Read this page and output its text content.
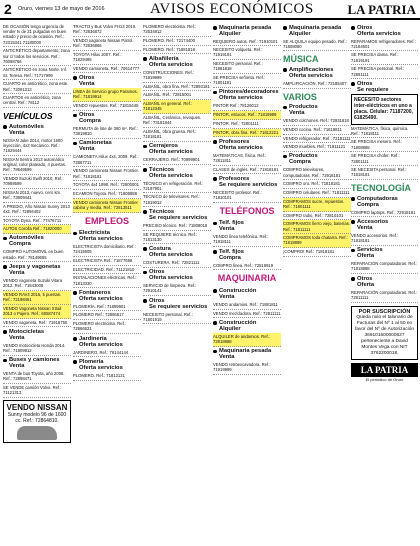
2 Oruro, viernes 13 de mayo de 2016	AVISOS ECONÓMICOS	LA PATRIA
DE OCASIÓN tengo urgencia de vender tv de 21 pulgadas en buen estado y precio de ocasión. Ref.: 72315341 71180000
ANTICRÉTICO departamento, zona sur c/ todos los servicios. Ref.: 76098766
ANTICRÉTICO en zona Norte. Inf. Sr. Teresa. Ref.: 71717999
CUARTO en anticrético, zona este. Ref.: 72091313
CUARTOS en anticrético, zona central. Ref.: 78112
VEHÍCULOS
Automóviles
Venta
NISSAN Juke 2014, motor 1600 inyección, 4x2 mecánico. Ref.: 71829444
NISSAN Sentra 2013 automático original, color plateado, 4 puertas. Ref.: 78649599
VENDO Suzuki Swift 2010, Ref.: 70989599
NISSAN 2013, nuevo, cero km. Ref.: 73909441
A PREDIO, Año Nissan Sunny 2013 4x2. Ref.: 72894402
TOYOTA Dyna. Ref.: 77476711
AUTOS Corolla Ref.: 71820000
Automóviles
Compra
COMPRO AUTOMÓVIL en buen estado. Ref.: 78149655
Jeeps y vagonetas
Venta
VENDO vagoneta Suzuki Vitara 2012. Ref.: 71843008
VENDO RAV4 2015, 5 puertas. Ref.: 72198461
VENDO Vagoneta Nissan Xtrail 2013 o Pajero. Ref.: 60587474
VENDO vagoneta. Ref.: 71918750
Motocicletas
Venta
VENDO motocicleta Honda 2014. Ref.: 71909912
Buses y camiones
Venta
VENTA de bus Toyota, año 2008. Ref.: 72898471
SE VENDE camión Volvo. Ref.: 71121313
VENDO NISSAN
Sunny modelo 96 de 1600 cc. Ref.: 72864810.
TRACTO y Bus Volvo FH13 2010. Ref.: 72836872
VENDO vagoneta Nissan Patrol. Ref.: 72836866
TOYOTA Hilux 2007. Ref.: 71829485
VENDO camioneta. Ref.: 70614777
Otros
Venta
LINEA de Servicio grupo Paramos. Ref.: 71819914
VENDO repuestos. Ref.: 71815445
Otros
Compra
PERMUTA de lote de 360 m². Ref.: 73819810
Camionetas
Venta
CAMIONETA Hilux 4x4, 2009. Ref.: 72867711
VENDO camioneta Nissan Frontier. Ref.: 71818181
TOYOTA 4x4 1998. Ref.: 72800001
ECAMION Toyota. Ref.: 71808888
VENDO camioneta Nissan Frontier cabina y media. Ref.: 72813511
EMPLEOS
Electricista
Oferta servicios
ELECTRICISTA domiciliario. Ref.: 72415605
ELECTRICISTA Ref.: 71877698
ELECTRICIDAD. Ref.: 71121810
INSTALACIONES eléctricas. Ref.: 71813330
Fontaneros
Oferta servicios
PLOMERÍA. Ref.: 71889901
PLOMERO Ref.: 72866617
PLOMERO electricista. Ref.: 72866621
Jardinería
Oferta servicios
JARDINERO. Ref.: 76144144
Plomería
Oferta servicios
PLOMERO. Ref.: 71812121
PLOMERO electricista. Ref.: 72534812
PLOMERO. Ref.: 72174400
PLOMERO. Ref.: 71881818
Albañilería
Oferta servicios
CONSTRUCCIONES. Ref.: 71819999
ALBAÑIL, obra fina. Ref.: 72893181
ALBAÑIL. Ref.: 72815001
ALBAÑIL en general. Ref.: 71812345
ALBAÑIL, Cerámica, revoques. Ref.: 73181844
ALBAÑIL, obra gruesa. Ref.: 71818181
Cerrajeros
Oferta servicios
CERRAJERO. Ref.: 70999901
Técnicos
Oferta servicios
TÉCNICO en refrigeración. Ref.: 72197901
TÉCNICO de televisores. Ref.: 71819012
Técnicos
Se requiere servicios
PRECISO técnico. Ref.: 71808018
SE REQUIERE técnico. Ref.: 71813130
Costura
Oferta servicios
COSTURERA. Ref.: 72821111
Otros
Oferta servicios
SERVICIO de limpieza. Ref.: 72910141
Otros
Se requiere servicios
NECESITO personal. Ref.: 71801919
Maquinaria pesada
Alquiler
REQUIERO autos. Ref.: 71910101
NECESITO volqueta. Ref.: 71919191
NECESITO personal. Ref.: 71881818
SE PRECISA señorita. Ref.: 71801191
Pintores/decoradores
Oferta servicios
PINTOR Ref.: 78126012
PINTOR, estucos. Ref.: 71819999
PINTOR. Ref.: 72801111
PINTOR, obra fina. Ref.: 71812221
Profesores
Oferta servicios
MATEMÁTICAS, física. Ref.: 72811811
CLASES de inglés. Ref.: 71818181
Profesores
Se requiere servicios
NECESITO profesor. Ref.: 71810101
TELÉFONOS
Telf. fijos
Venta
VENDO línea telefónica. Ref.: 71818111
Telf. fijos
Compra
COMPRO línea. Ref.: 72818919
MAQUINARIA
Construcción
Venta
VENDO andamios. Ref.: 71881811
VENDO mezcladora. Ref.: 72811111
Construcción
Alquiler
ALQUILER de andamios. Ref.: 72818888
Maquinaria pesada
Venta
VENDO retroexcavadora. Ref.: 71919999
Maquinaria pesada
Alquiler
SE ALQUILA equipo pesado. Ref.: 71808080
MÚSICA
Amplificaciones
Oferta servicios
AMPLIFICACIÓN. Ref.: 72185407
VARIOS
Productos
Venta
VENDO colchones. Ref.: 72931818
VENDO cocina. Ref.: 71819811
VENDO refrigerador. Ref.: 72181111
VENDO muebles. Ref.: 71811121
Productos
Compra
COMPRO televisores, computadoras. Ref.: 72918181
COMPRO oro. Ref.: 71818181
COMPRO celulares. Ref.: 71811111
COMPRAMOS sucre, repuestos. Ref.: 71801111
COMPRO radio, Ref.: 72810101
COMPRAMOS fierro viejo, baterías. Ref.: 71811111
COMPRAMOS toda chatarra. Ref.: 71818899
¡COMPRO! Ref.: 71818181
Otros
Oferta servicios
REPARAMOS refrigeradores. Ref.: 72184601
SE PRECISA dama. Ref.: 71819191
SE PRECISA personal. Ref.: 72891111
Otros
Se requiere
NECESITO sectores inter-eléctricos en uno a placa. Celular: 71187200, 61825490.
MATEMÁTICA, física, química. Ref.: 71818111
SE PRECISA mesero. Ref.: 71808888
SE PRECISA chofer. Ref.: 72801111
SE NECESITA personal. Ref.: 71818181
TECNOLOGÍA
Computadoras
Compra
COMPRO laptops. Ref.: 72918181
Accesorios
Venta
VENDO accesorios. Ref.: 71818181
Servicios
Oferta
REPARACIÓN computadoras. Ref.: 71818888
Otros
Oferta
REPARACIÓN computadoras. Ref.: 72811111
POR SUSCRIPCIÓN
Queda nulo el talonario de Facturas del Nº 1 al 50 en favor del Nº de Autorización 369101600000627 perteneciente a David Montes Vega con NIT 3762200018.
LA PATRIA
El periódico de Oruro
